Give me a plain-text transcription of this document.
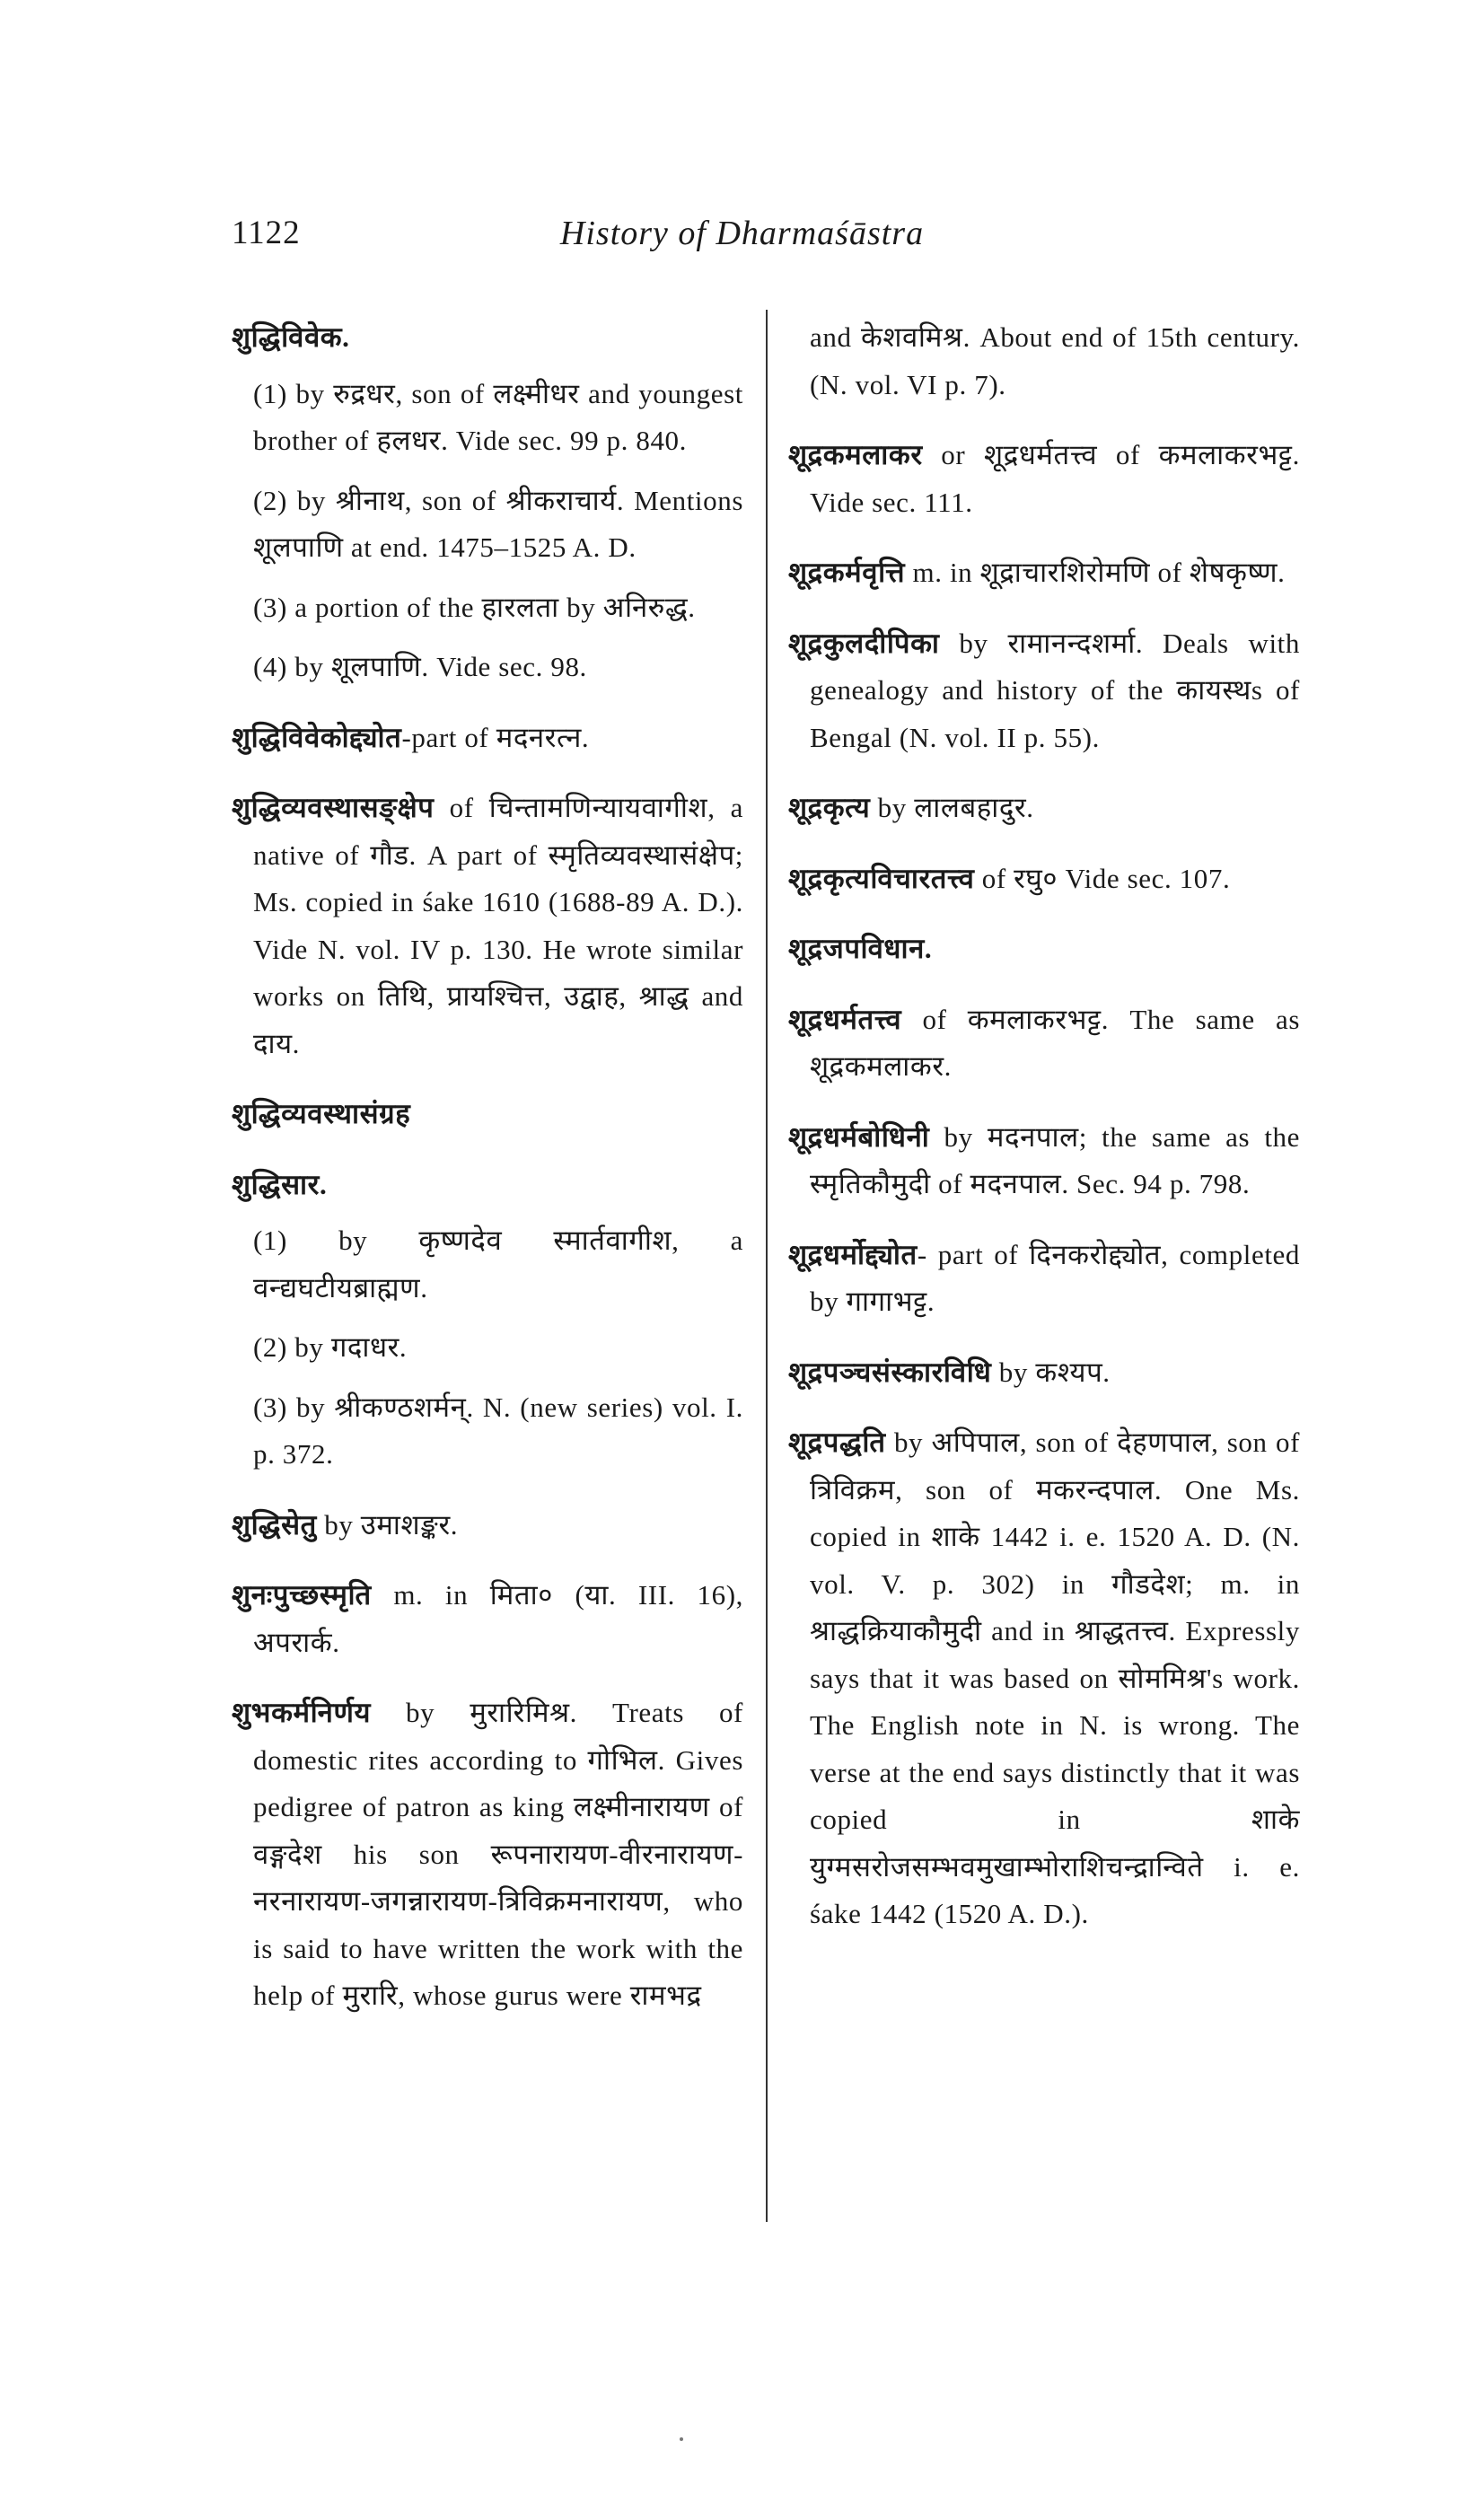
1122	History of Dharmaśāstra
शुद्धिविवेक.
(1) by रुद्रधर, son of लक्ष्मीधर and youngest brother of हलधर. Vide sec. 99 p. 840.
(2) by श्रीनाथ, son of श्रीकराचार्य. Mentions शूलपाणि at end. 1475–1525 A. D.
(3) a portion of the हारलता by अनिरुद्ध.
(4) by शूलपाणि. Vide sec. 98.
शुद्धिविवेकोद्द्योत-part of मदनरत्न.
शुद्धिव्यवस्थासङ्क्षेप of चिन्तामणिन्यायवागीश, a native of गौड. A part of स्मृतिव्यवस्थासंक्षेप; Ms. copied in śake 1610 (1688-89 A. D.). Vide N. vol. IV p. 130. He wrote similar works on तिथि, प्रायश्चित्त, उद्वाह, श्राद्ध and दाय.
शुद्धिव्यवस्थासंग्रह
शुद्धिसार.
(1) by कृष्णदेव स्मार्तवागीश, a वन्द्यघटीयब्राह्मण.
(2) by गदाधर.
(3) by श्रीकण्ठशर्मन्. N. (new series) vol. I. p. 372.
शुद्धिसेतु by उमाशङ्कर.
शुनःपुच्छस्मृति m. in मिता० (या. III. 16), अपरार्क.
शुभकर्मनिर्णय by मुरारिमिश्र. Treats of domestic rites according to गोभिल. Gives pedigree of patron as king लक्ष्मीनारायण of वङ्गदेश his son रूपनारायण-वीरनारायण-नरनारायण-जगन्नारायण-त्रिविक्रमनारायण, who is said to have written the work with the help of मुरारि, whose gurus were रामभद्र
and केशवमिश्र. About end of 15th century. (N. vol. VI p. 7).
शूद्रकमलाकर or शूद्रधर्मतत्त्व of कमलाकरभट्ट. Vide sec. 111.
शूद्रकर्मवृत्ति m. in शूद्राचारशिरोमणि of शेषकृष्ण.
शूद्रकुलदीपिका by रामानन्दशर्मा. Deals with genealogy and history of the कायस्थs of Bengal (N. vol. II p. 55).
शूद्रकृत्य by लालबहादुर.
शूद्रकृत्यविचारतत्त्व of रघु० Vide sec. 107.
शूद्रजपविधान.
शूद्रधर्मतत्त्व of कमलाकरभट्ट. The same as शूद्रकमलाकर.
शूद्रधर्मबोधिनी by मदनपाल; the same as the स्मृतिकौमुदी of मदनपाल. Sec. 94 p. 798.
शूद्रधर्मोद्द्योत- part of दिनकरोद्द्योत, completed by गागाभट्ट.
शूद्रपञ्चसंस्कारविधि by कश्यप.
शूद्रपद्धति by अपिपाल, son of देहणपाल, son of त्रिविक्रम, son of मकरन्दपाल. One Ms. copied in शाके 1442 i. e. 1520 A. D. (N. vol. V. p. 302) in गौडदेश; m. in श्राद्धक्रियाकौमुदी and in श्राद्धतत्त्व. Expressly says that it was based on सोममिश्र's work. The English note in N. is wrong. The verse at the end says distinctly that it was copied in शाके युग्मसरोजसम्भवमुखाम्भोराशिचन्द्रान्विते i. e. śake 1442 (1520 A. D.).
